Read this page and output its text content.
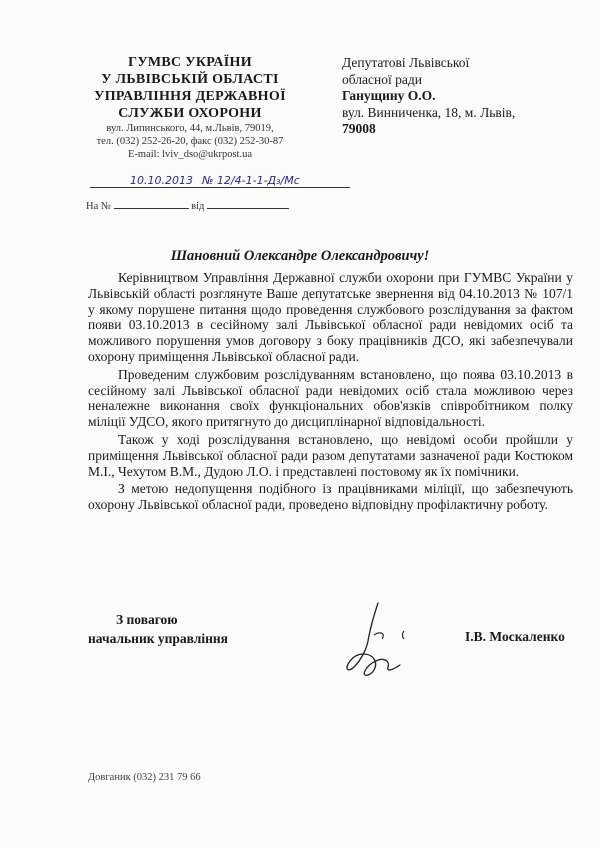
ГУМВС УКРАЇНИ
У ЛЬВІВСЬКІЙ ОБЛАСТІ
УПРАВЛІННЯ ДЕРЖАВНОЇ
СЛУЖБИ ОХОРОНИ
вул. Липинського, 44, м.Львів, 79019,
тел. (032) 252-26-20, факс (032) 252-30-87
E-mail: lviv_dso@ukrpost.ua
Депутатові Львівської
обласної ради
Ганущину О.О.
вул. Винниченка, 18, м. Львів,
79008
10.10.2013 № 12/4-1-1-Д₃/Мс
На №	від
Шановний Олександре Олександровичу!

Керівництвом Управління Державної служби охорони при ГУМВС України у Львівській області розглянуте Ваше депутатське звернення від 04.10.2013 № 107/1 у якому порушене питання щодо проведення службового розслідування за фактом появи 03.10.2013 в сесійному залі Львівської обласної ради невідомих осіб та можливого порушення умов договору з боку працівників ДСО, які забезпечували охорону приміщення Львівської обласної ради.

Проведеним службовим розслідуванням встановлено, що поява 03.10.2013 в сесійному залі Львівської обласної ради невідомих осіб стала можливою через неналежне виконання своїх функціональних обов'язків співробітником полку міліції УДСО, якого притягнуто до дисциплінарної відповідальності.

Також у ході розслідування встановлено, що невідомі особи пройшли у приміщення Львівської обласної ради разом депутатами зазначеної ради Костюком М.І., Чехутом В.М., Дудою Л.О. і представлені постовому як їх помічники.

З метою недопущення подібного із працівниками міліції, що забезпечують охорону Львівської обласної ради, проведено відповідну профілактичну роботу.

З повагою
начальник управління	І.В. Москаленко
Довганик (032) 231 79 66
